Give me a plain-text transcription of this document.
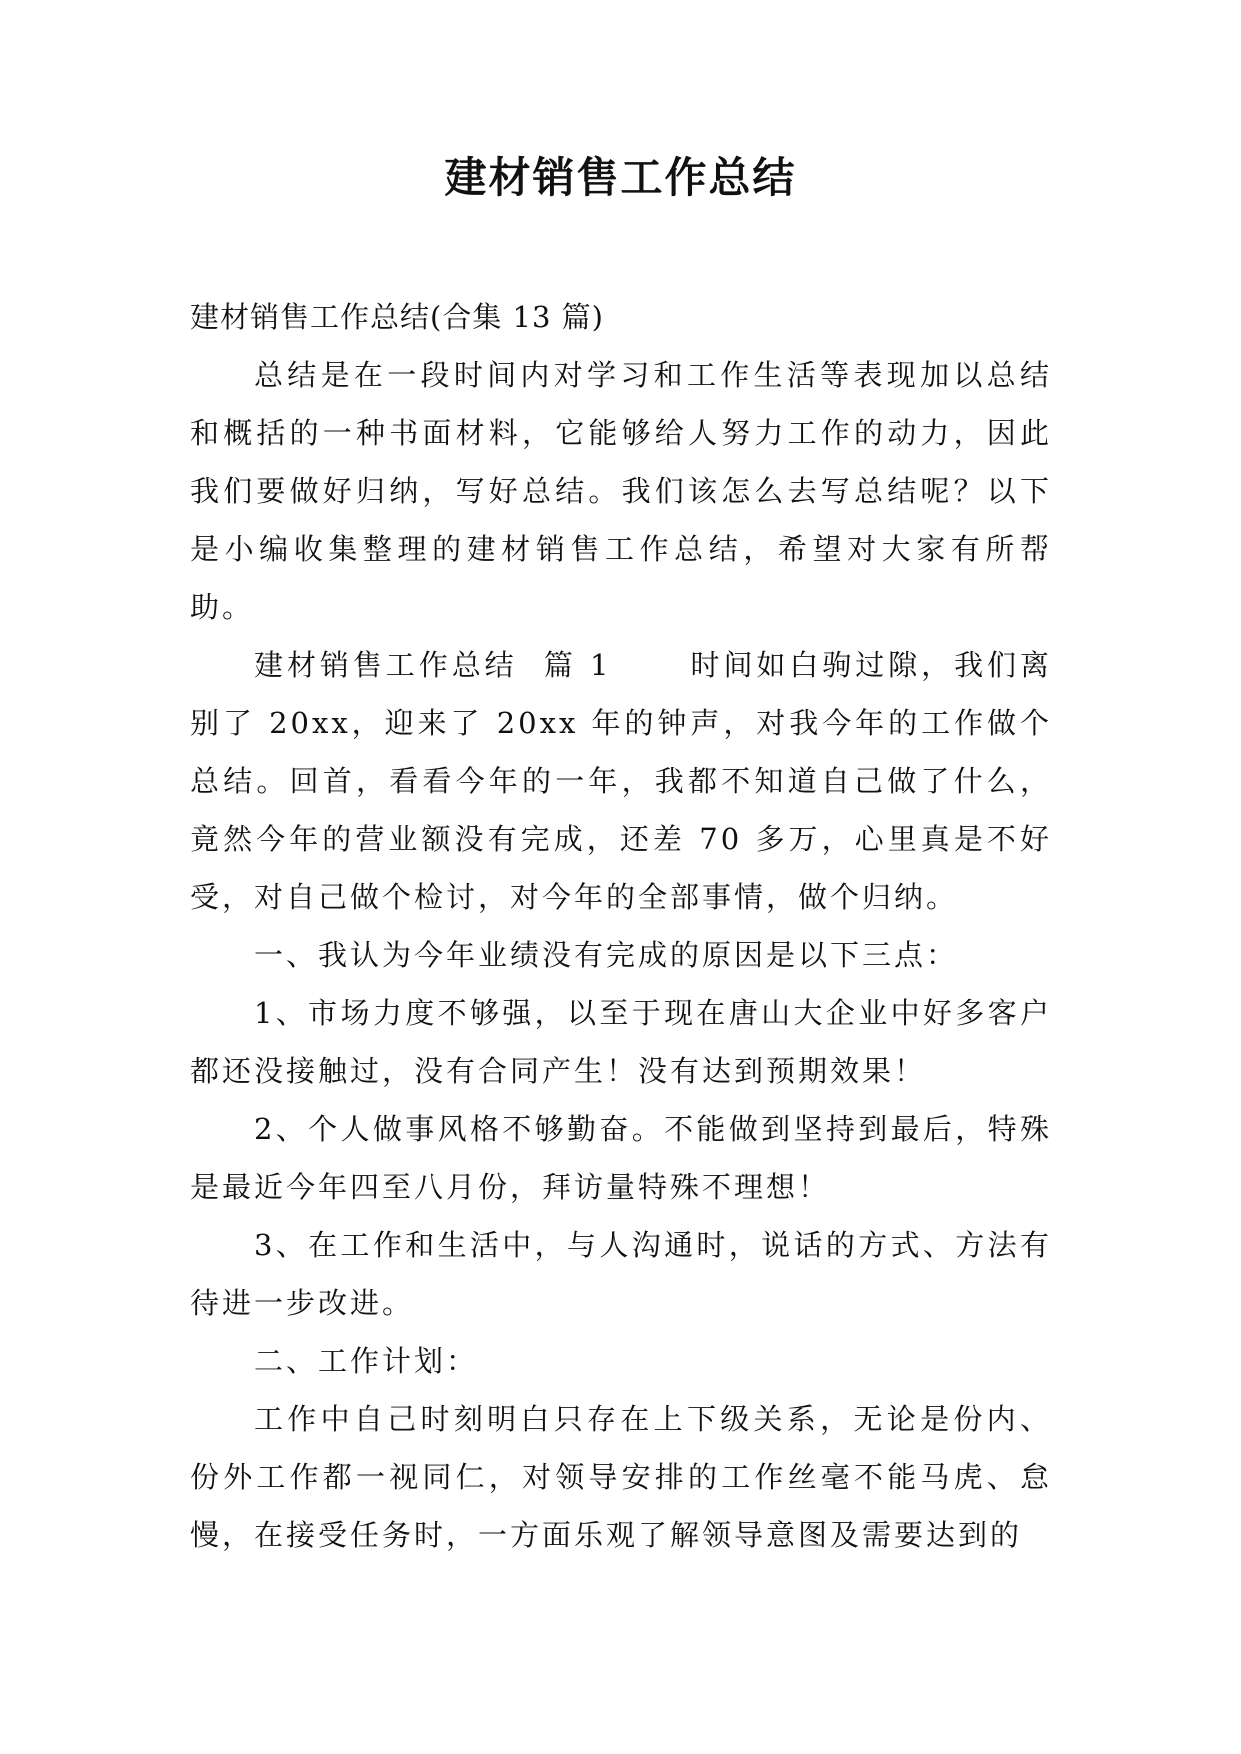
建材销售工作总结

建材销售工作总结(合集 13 篇)

总结是在一段时间内对学习和工作生活等表现加以总结和概括的一种书面材料，它能够给人努力工作的动力，因此我们要做好归纳，写好总结。我们该怎么去写总结呢？以下是小编收集整理的建材销售工作总结，希望对大家有所帮助。

建材销售工作总结  篇 1      时间如白驹过隙，我们离别了 20xx，迎来了 20xx 年的钟声，对我今年的工作做个总结。回首，看看今年的一年，我都不知道自己做了什么，竟然今年的营业额没有完成，还差 70 多万，心里真是不好受，对自己做个检讨，对今年的全部事情，做个归纳。

一、我认为今年业绩没有完成的原因是以下三点：

1、市场力度不够强，以至于现在唐山大企业中好多客户都还没接触过，没有合同产生！没有达到预期效果！

2、个人做事风格不够勤奋。不能做到坚持到最后，特殊是最近今年四至八月份，拜访量特殊不理想！

3、在工作和生活中，与人沟通时，说话的方式、方法有待进一步改进。

二、工作计划：

工作中自己时刻明白只存在上下级关系，无论是份内、份外工作都一视同仁，对领导安排的工作丝毫不能马虎、怠慢，在接受任务时，一方面乐观了解领导意图及需要达到的
